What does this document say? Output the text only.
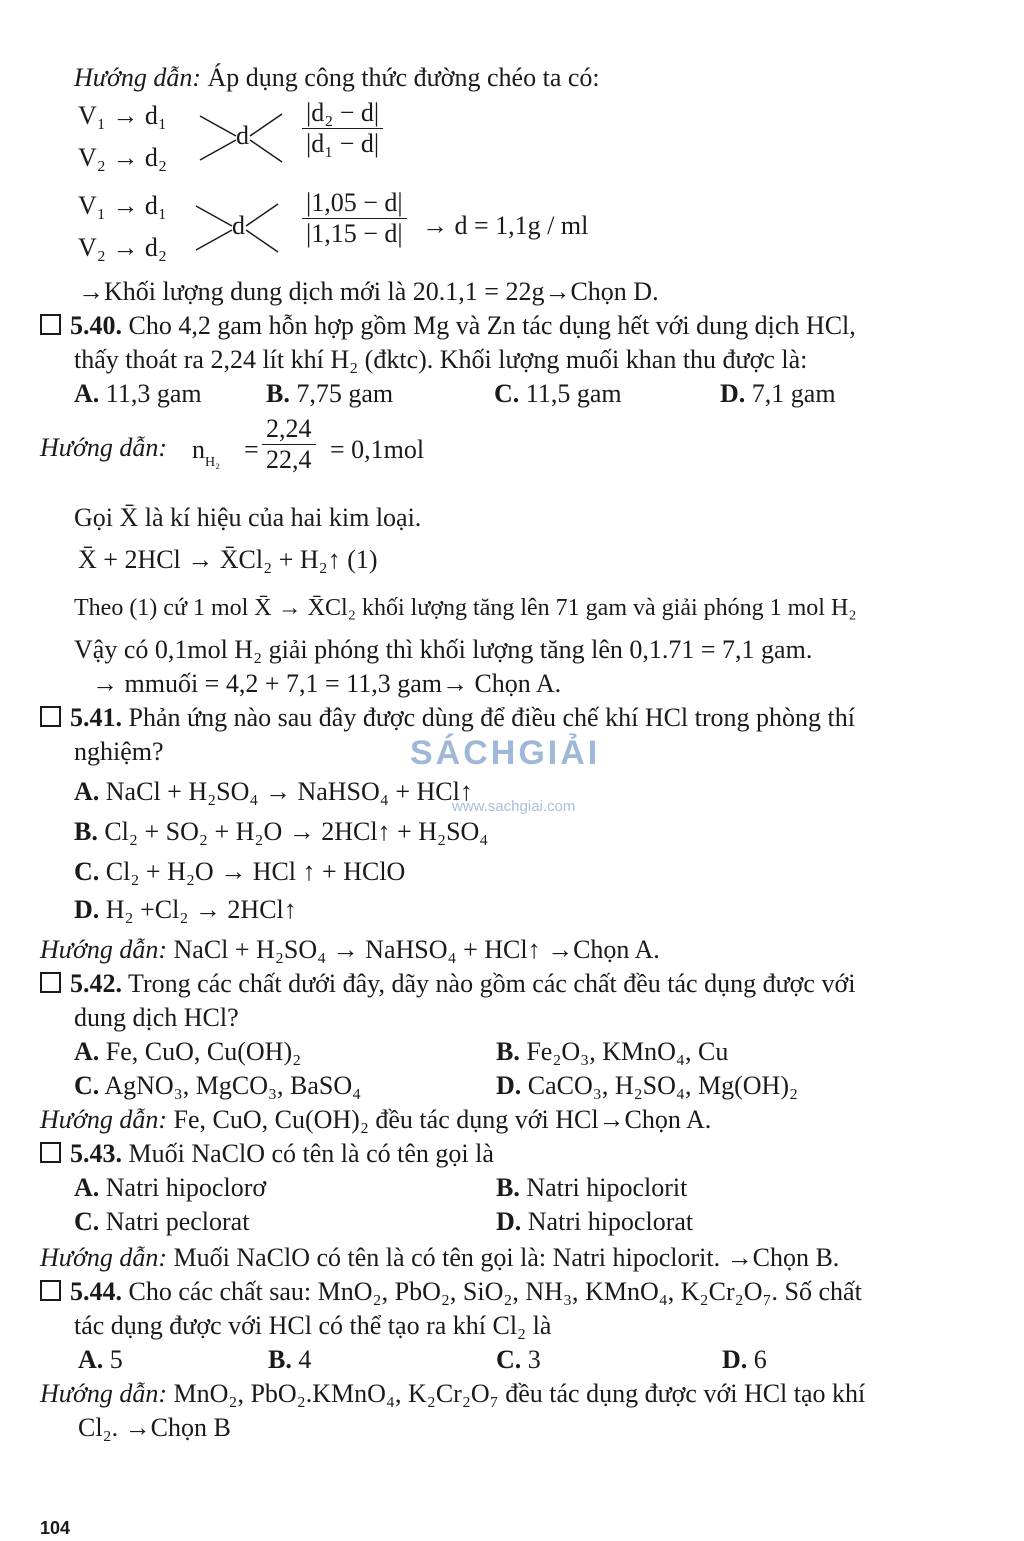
Hướng dẫn: Áp dụng công thức đường chéo ta có:
V₁ → d₁
V₂ → d₂
d $\frac{\text{|d₂ − d|}}{\text{|d₁ − d|}}$
V₁ → d₁
V₂ → d₂
d $\frac{|1,05 - d|}{|1,15 - d|} \to d = 1,1g$ / ml
→Khối lượng dung dịch mới là 20.1,1 = 22g→Chọn D.
5.40. Cho 4,2 gam hỗn hợp gồm Mg và Zn tác dụng hết với dung dịch HCl,
thấy thoát ra 2,24 lít khí H₂ (đktc). Khối lượng muối khan thu được là:
A. 11,3 gam B. 7,75 gam	C. 11,5 gam	D. 7,1 gam
Hướng dẫn: $n_{H_2} = \frac{2,24}{22,4} = 0,1mol$
Gọi X̄ là kí hiệu của hai kim loại.
X̄ + 2HCl → X̄Cl₂ + H₂↑ (1)
Theo (1) cứ 1 mol X̄ → X̄Cl₂ khối lượng tăng lên 71 gam và giải phóng 1 mol H₂
Vậy có 0,1mol H₂ giải phóng thì khối lượng tăng lên 0,1.71 = 7,1 gam.
→ mmuối = 4,2 + 7,1 = 11,3 gam→ Chọn A.
5.41. Phản ứng nào sau đây được dùng để điều chế khí HCl trong phòng thí
nghiệm?
A. NaCl + H₂SO₄ → NaHSO₄ + HCl↑
B. Cl₂ + SO₂ + H₂O → 2HCl↑ + H₂SO₄
C. Cl₂ + H₂O → HCl ↑ + HClO
D. H₂ +Cl₂ → 2HCl↑
Hướng dẫn: NaCl + H₂SO₄ → NaHSO₄ + HCl↑ →Chọn A.
SÁCHGIẢI
www.sachgiai.com
5.42. Trong các chất dưới đây, dãy nào gồm các chất đều tác dụng được với
dung dịch HCl?
A. Fe, CuO, Cu(OH)₂	B. Fe₂O₃, KMnO₄, Cu
C. AgNO₃, MgCO₃, BaSO₄	D. CaCO₃, H₂SO₄, Mg(OH)₂
Hướng dẫn: Fe, CuO, Cu(OH)₂ đều tác dụng với HCl→Chọn A.
5.43. Muối NaClO có tên là có tên gọi là
A. Natri hipoclorơ	B. Natri hipoclorit
C. Natri peclorat	D. Natri hipoclorat
Hướng dẫn: Muối NaClO có tên là có tên gọi là: Natri hipoclorit. →Chọn B.
5.44. Cho các chất sau: MnO₂, PbO₂, SiO₂, NH₃, KMnO₄, K₂Cr₂O₇. Số chất
tác dụng được với HCl có thể tạo ra khí Cl₂ là
A. 5	B. 4	C. 3	D. 6
Hướng dẫn: MnO₂, PbO₂.KMnO₄, K₂Cr₂O₇ đều tác dụng được với HCl tạo khí
Cl₂. →Chọn B
104
